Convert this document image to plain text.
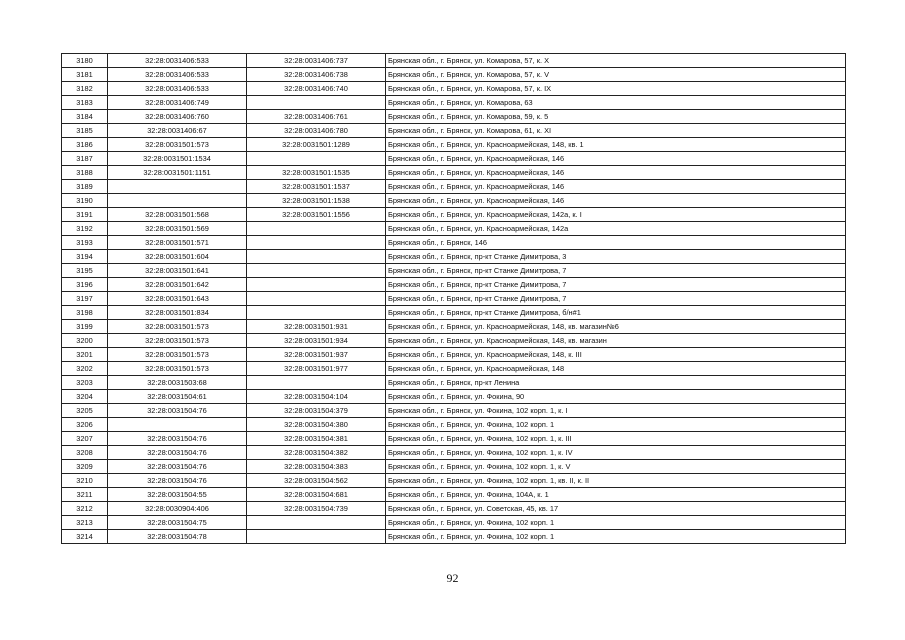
3180	32:28:0031406:533	32:28:0031406:737	Брянская обл., г. Брянск, ул. Комарова, 57, к. X
3181	32:28:0031406:533	32:28:0031406:738	Брянская обл., г. Брянск, ул. Комарова, 57, к. V
3182	32:28:0031406:533	32:28:0031406:740	Брянская обл., г. Брянск, ул. Комарова, 57, к. IX
3183	32:28:0031406:749		Брянская обл., г. Брянск, ул. Комарова, 63
3184	32:28:0031406:760	32:28:0031406:761	Брянская обл., г. Брянск, ул. Комарова, 59, к. 5
3185	32:28:0031406:67	32:28:0031406:780	Брянская обл., г. Брянск, ул. Комарова, 61, к. XI
3186	32:28:0031501:573	32:28:0031501:1289	Брянская обл., г. Брянск, ул. Красноармейская, 148, кв. 1
3187	32:28:0031501:1534		Брянская обл., г. Брянск, ул. Красноармейская, 146
3188	32:28:0031501:1151	32:28:0031501:1535	Брянская обл., г. Брянск, ул. Красноармейская, 146
3189		32:28:0031501:1537	Брянская обл., г. Брянск, ул. Красноармейская, 146
3190		32:28:0031501:1538	Брянская обл., г. Брянск, ул. Красноармейская, 146
3191	32:28:0031501:568	32:28:0031501:1556	Брянская обл., г. Брянск, ул. Красноармейская, 142а, к. I
3192	32:28:0031501:569		Брянская обл., г. Брянск, ул. Красноармейская, 142а
3193	32:28:0031501:571		Брянская обл., г. Брянск, 146
3194	32:28:0031501:604		Брянская обл., г. Брянск, пр-кт Станке Димитрова, 3
3195	32:28:0031501:641		Брянская обл., г. Брянск, пр-кт Станке Димитрова, 7
3196	32:28:0031501:642		Брянская обл., г. Брянск, пр-кт Станке Димитрова, 7
3197	32:28:0031501:643		Брянская обл., г. Брянск, пр-кт Станке Димитрова, 7
3198	32:28:0031501:834		Брянская обл., г. Брянск, пр-кт Станке Димитрова, б/н#1
3199	32:28:0031501:573	32:28:0031501:931	Брянская обл., г. Брянск, ул. Красноармейская, 148, кв. магазин№6
3200	32:28:0031501:573	32:28:0031501:934	Брянская обл., г. Брянск, ул. Красноармейская, 148, кв. магазин
3201	32:28:0031501:573	32:28:0031501:937	Брянская обл., г. Брянск, ул. Красноармейская, 148, к. III
3202	32:28:0031501:573	32:28:0031501:977	Брянская обл., г. Брянск, ул. Красноармейская, 148
3203	32:28:0031503:68		Брянская обл., г. Брянск, пр-кт Ленина
3204	32:28:0031504:61	32:28:0031504:104	Брянская обл., г. Брянск, ул. Фокина, 90
3205	32:28:0031504:76	32:28:0031504:379	Брянская обл., г. Брянск, ул. Фокина, 102 корп. 1, к. I
3206		32:28:0031504:380	Брянская обл., г. Брянск, ул. Фокина, 102 корп. 1
3207	32:28:0031504:76	32:28:0031504:381	Брянская обл., г. Брянск, ул. Фокина, 102 корп. 1, к. III
3208	32:28:0031504:76	32:28:0031504:382	Брянская обл., г. Брянск, ул. Фокина, 102 корп. 1, к. IV
3209	32:28:0031504:76	32:28:0031504:383	Брянская обл., г. Брянск, ул. Фокина, 102 корп. 1, к. V
3210	32:28:0031504:76	32:28:0031504:562	Брянская обл., г. Брянск, ул. Фокина, 102 корп. 1, кв. II, к. II
3211	32:28:0031504:55	32:28:0031504:681	Брянская обл., г. Брянск, ул. Фокина, 104А, к. 1
3212	32:28:0030904:406	32:28:0031504:739	Брянская обл., г. Брянск, ул. Советская, 45, кв. 17
3213	32:28:0031504:75		Брянская обл., г. Брянск, ул. Фокина, 102 корп. 1
3214	32:28:0031504:78		Брянская обл., г. Брянск, ул. Фокина, 102 корп. 1
92
